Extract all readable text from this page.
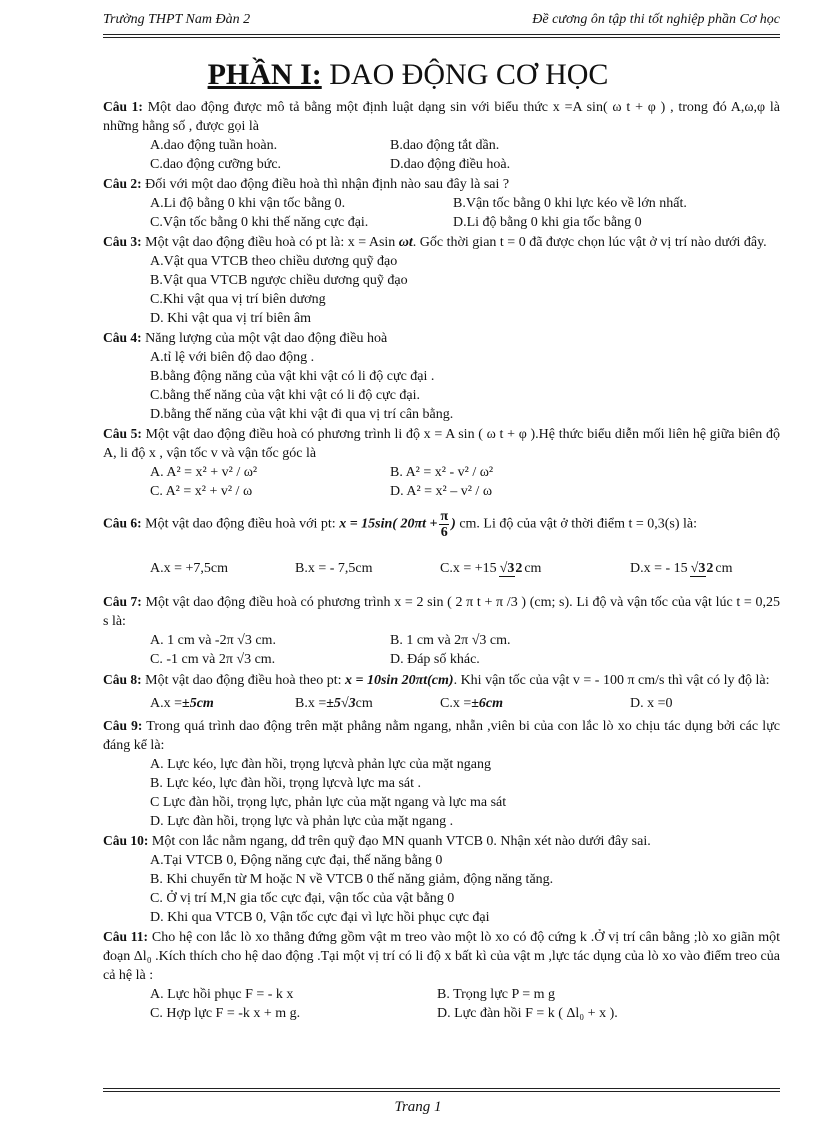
Trường THPT Nam Đàn 2	Đề cương ôn tập thi tốt nghiệp phần Cơ học
PHẦN I: DAO ĐỘNG CƠ HỌC
Câu 1: Một dao động được mô tả bằng một định luật dạng sin với biểu thức x =A sin( ω t + φ ) , trong đó A,ω,φ là những hằng số , được gọi là
A.dao động tuần hoàn.	B.dao động tắt dần.
C.dao động cưỡng bức.	D.dao động điều hoà.
Câu 2: Đối với một dao động điều hoà thì nhận định nào sau đây là sai ?
A.Li độ bằng 0 khi vận tốc bằng 0.	B.Vận tốc bằng 0 khi lực kéo về lớn nhất.
C.Vận tốc bằng 0 khi thế năng cực đại.	D.Li độ bằng 0 khi gia tốc bằng 0
Câu 3: Một vật dao động điều hoà có pt là: x = Asin ωt. Gốc thời gian t = 0 đã được chọn lúc vật ở vị trí nào dưới đây.
A.Vật qua VTCB theo chiều dương quỹ đạo
B.Vật qua VTCB ngược chiều dương quỹ đạo
C.Khi vật qua vị trí biên dương
D. Khi vật qua vị trí biên âm
Câu 4: Năng lượng của một vật dao động điều hoà
A.tỉ lệ với biên độ dao động .
B.bằng động năng của vật khi vật có li độ cực đại .
C.bằng thế năng của vật khi vật có li độ cực đại.
D.bằng thế năng của vật khi vật đi qua vị trí cân bằng.
Câu 5: Một vật dao động điều hoà có phương trình li độ x = A sin ( ω t + φ ).Hệ thức biểu diễn mối liên hệ giữa biên độ A, li độ x , vận tốc v và vận tốc góc là
A. A² = x² + v² / ω²	B. A² = x² - v² / ω²
C. A² = x² + v² / ω	D. A² = x² – v² / ω
Câu 6: Một vật dao động điều hoà với pt: x = 15sin( $20\pi t + \frac{\pi}{6}$ ) cm. Li độ của vật ở thời điểm t = 0,3(s) là:
A.x = +7,5cm	B.x = - 7,5cm	C.x = +15 √32 cm	D.x = - 15 √32 cm
Câu 7: Một vật dao động điều hoà có phương trình x = 2 sin ( 2 π t + π /3 ) (cm; s). Li độ và vận tốc của vật lúc t = 0,25 s là:
A. 1 cm và -2π √3 cm.	B. 1 cm và 2π √3 cm.
C. -1 cm và 2π √3 cm.	D. Đáp số khác.
Câu 8: Một vật dao động điều hoà theo pt: x = 10sin 20πt(cm). Khi vận tốc của vật v = - 100 π cm/s thì vật có ly độ là:
A.x =±5cm	B.x =±5√3cm	C.x =±6cm	D. x =0
Câu 9: Trong quá trình dao động trên mặt phẳng nằm ngang, nhẵn ,viên bi của con lắc lò xo chịu tác dụng bởi các lực đáng kể là:
A. Lực kéo, lực đàn hồi, trọng lựcvà phản lực của mặt ngang
B. Lực kéo, lực đàn hồi, trọng lựcvà lực ma sát .
C Lực đàn hồi, trọng lực, phản lực của mặt ngang và lực ma sát
D. Lực đàn hồi, trọng lực và phản lực của mặt ngang .
Câu 10: Một con lắc nằm ngang, dđ trên quỹ đạo MN quanh VTCB 0. Nhận xét nào dưới đây sai.
A.Tại VTCB 0, Động năng cực đại, thế năng bằng 0
B. Khi chuyển từ M hoặc N về VTCB 0 thế năng giảm, động năng tăng.
C. Ở vị trí M,N gia tốc cực đại, vận tốc của vật bằng 0
D. Khi qua VTCB 0, Vận tốc cực đại vì lực hồi phục cực đại
Câu 11: Cho hệ con lắc lò xo thẳng đứng gồm vật m treo vào một lò xo có độ cứng k .Ở vị trí cân bằng ;lò xo giãn một đoạn Δl₀ .Kích thích cho hệ dao động .Tại một vị trí có li độ x bất kì của vật m ,lực tác dụng của lò xo vào điểm treo của cả hệ là :
A. Lực hồi phục F = - k x	B. Trọng lực P = m g
C. Hợp lực F = -k x + m g.	D. Lực đàn hồi F = k ( Δl₀ + x ).
Trang 1
